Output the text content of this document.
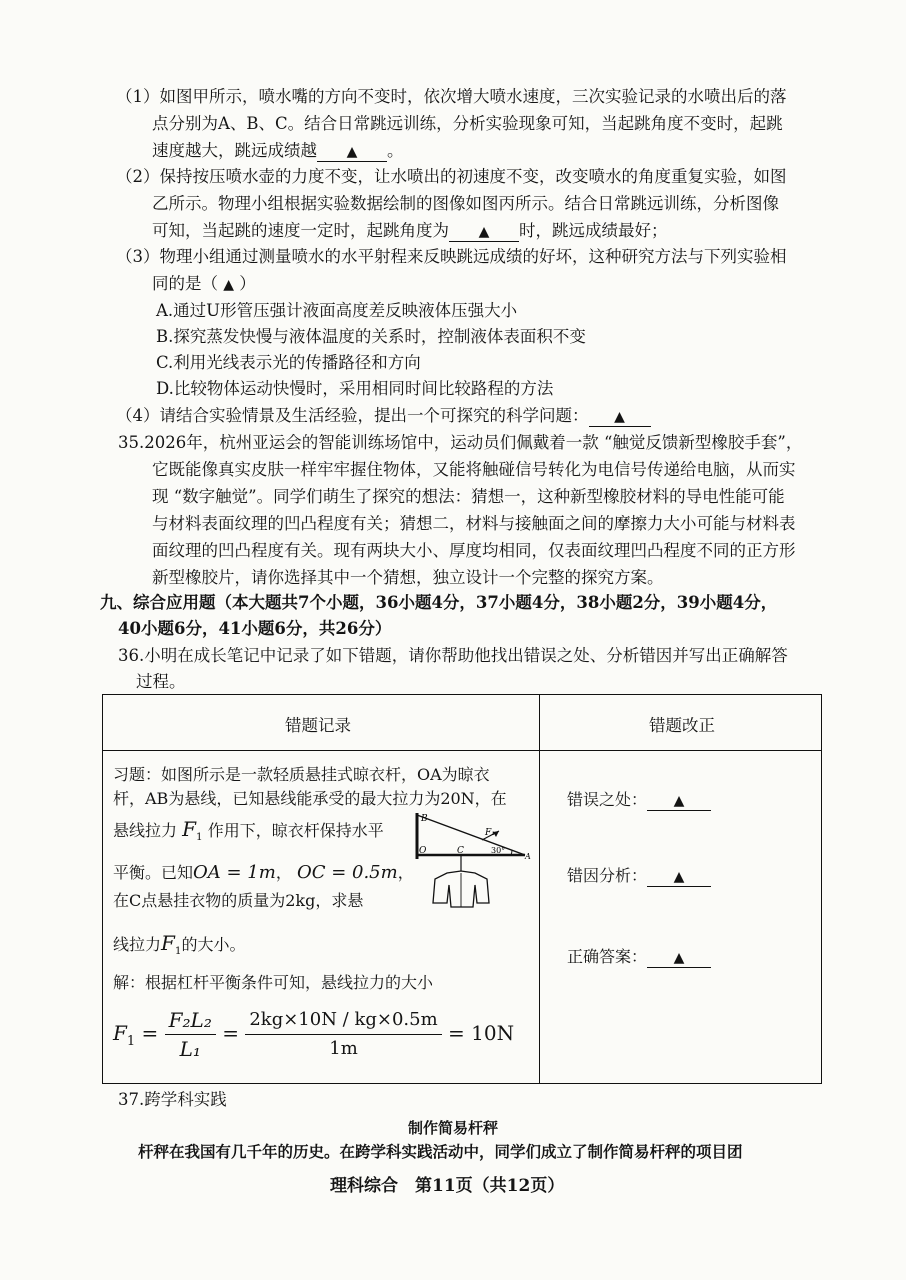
（1）如图甲所示，喷水嘴的方向不变时，依次增大喷水速度，三次实验记录的水喷出后的落
点分别为A、B、C。结合日常跳远训练，分析实验现象可知，当起跳角度不变时，起跳
速度越大，跳远成绩越 ▲ 。
（2）保持按压喷水壶的力度不变，让水喷出的初速度不变，改变喷水的角度重复实验，如图
乙所示。物理小组根据实验数据绘制的图像如图丙所示。结合日常跳远训练，分析图像
可知，当起跳的速度一定时，起跳角度为 ▲ 时，跳远成绩最好；
（3）物理小组通过测量喷水的水平射程来反映跳远成绩的好坏，这种研究方法与下列实验相
同的是（ ▲ ）
A.通过U形管压强计液面高度差反映液体压强大小
B.探究蒸发快慢与液体温度的关系时，控制液体表面积不变
C.利用光线表示光的传播路径和方向
D.比较物体运动快慢时，采用相同时间比较路程的方法
（4）请结合实验情景及生活经验，提出一个可探究的科学问题： ▲
35.2026年，杭州亚运会的智能训练场馆中，运动员们佩戴着一款 “触觉反馈新型橡胶手套”，
它既能像真实皮肤一样牢牢握住物体，又能将触碰信号转化为电信号传递给电脑，从而实
现 “数字触觉”。同学们萌生了探究的想法：猜想一，这种新型橡胶材料的导电性能可能
与材料表面纹理的凹凸程度有关；猜想二，材料与接触面之间的摩擦力大小可能与材料表
面纹理的凹凸程度有关。现有两块大小、厚度均相同，仅表面纹理凹凸程度不同的正方形
新型橡胶片，请你选择其中一个猜想，独立设计一个完整的探究方案。
九、综合应用题（本大题共7个小题，36小题4分，37小题4分，38小题2分，39小题4分，
40小题6分，41小题6分，共26分）
36.小明在成长笔记中记录了如下错题，请你帮助他找出错误之处、分析错因并写出正确解答
过程。
错题记录	错题改正
习题：如图所示是一款轻质悬挂式晾衣杆，OA为晾衣
杆，AB为悬线，已知悬线能承受的最大拉力为20N，在
悬线拉力 $F_1$ 作用下，晾衣杆保持水平
平衡。已知OA = 1m， OC = 0.5m，
在C点悬挂衣物的质量为2kg，求悬
线拉力$F_1$的大小。
解：根据杠杆平衡条件可知，悬线拉力的大小
$F_1 = \frac{\text{F₂L₂}}{\text{L₁}} = \frac{2kg\times 10N / kg\times 0.5m}{1m} = 10N$
B
O	C
F₁
A
30°
错误之处： ▲
错因分析： ▲
正确答案： ▲
37.跨学科实践
制作简易杆秤
杆秤在我国有几千年的历史。在跨学科实践活动中，同学们成立了制作简易杆秤的项目团
理科综合　第11页（共12页）
